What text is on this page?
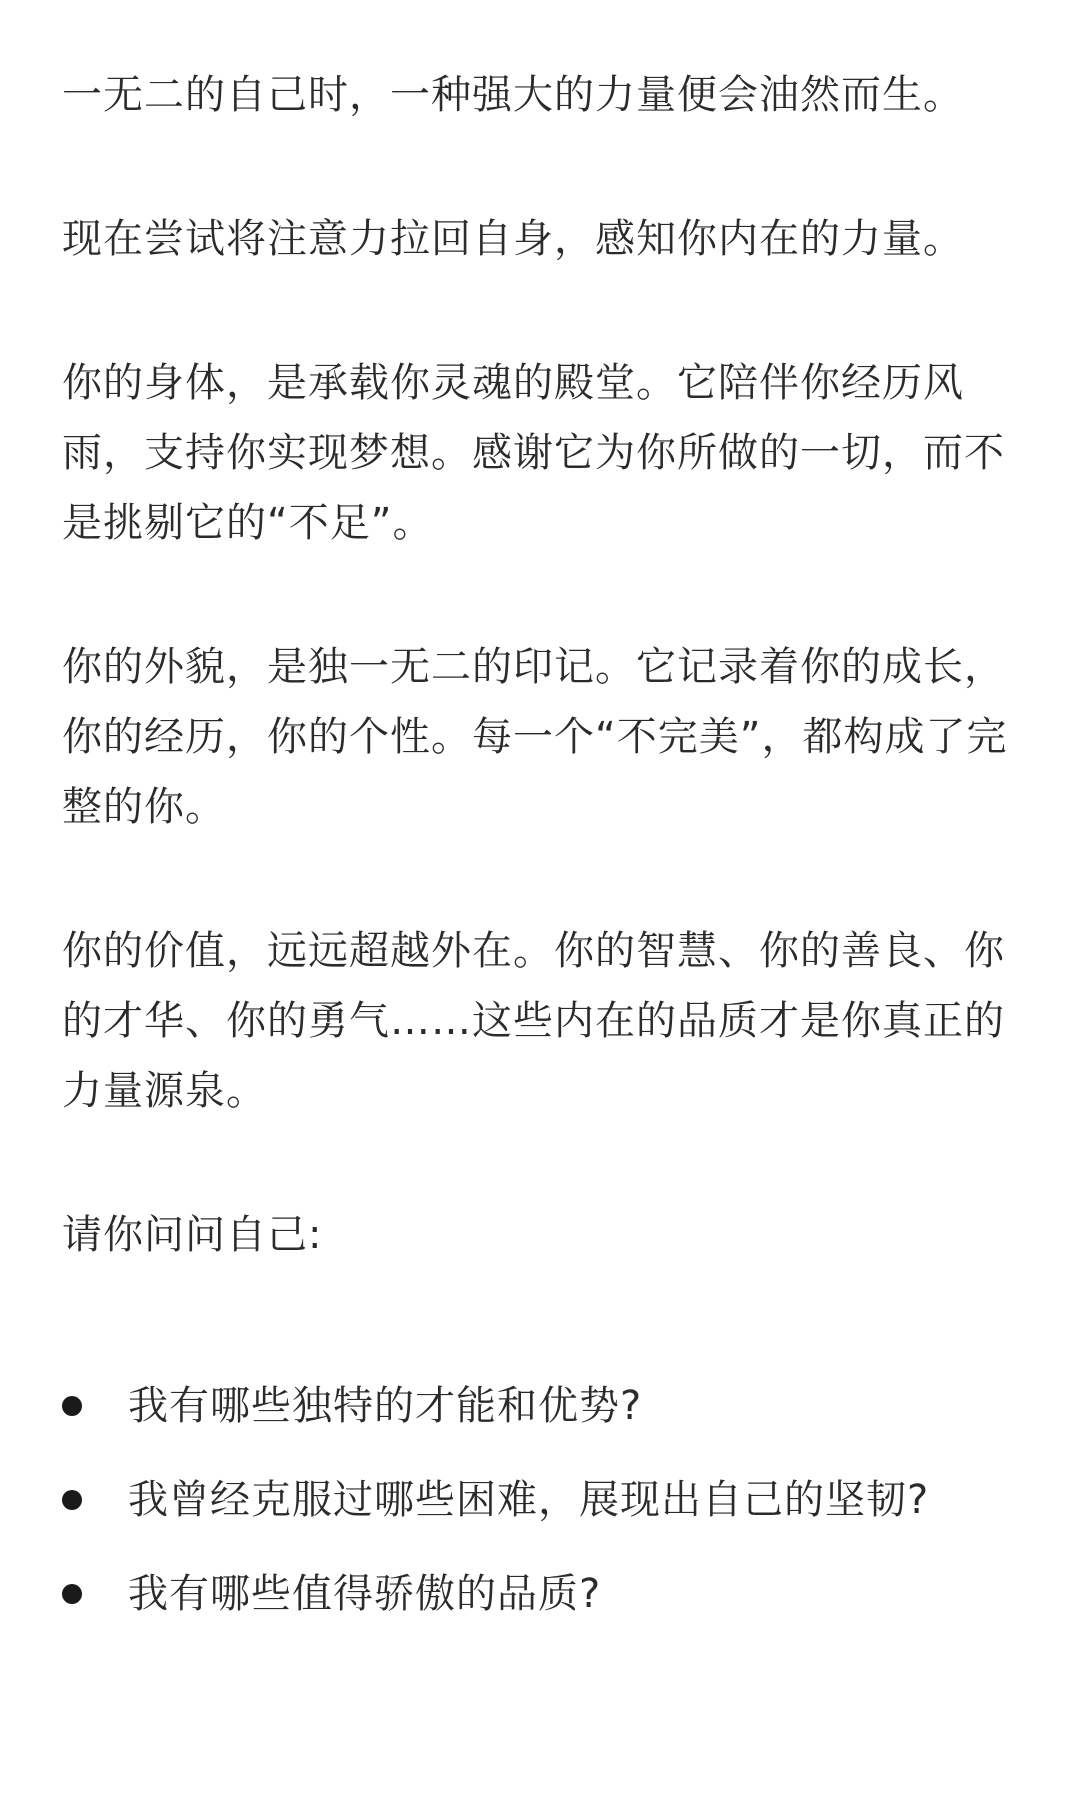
一无二的自己时，一种强大的力量便会油然而生。

现在尝试将注意力拉回自身，感知你内在的力量。

你的身体，是承载你灵魂的殿堂。它陪伴你经历风雨，支持你实现梦想。感谢它为你所做的一切，而不是挑剔它的“不足”。

你的外貌，是独一无二的印记。它记录着你的成长，你的经历，你的个性。每一个“不完美”，都构成了完整的你。

你的价值，远远超越外在。你的智慧、你的善良、你的才华、你的勇气……这些内在的品质才是你真正的力量源泉。

请你问问自己:

我有哪些独特的才能和优势?
我曾经克服过哪些困难，展现出自己的坚韧?
我有哪些值得骄傲的品质?
